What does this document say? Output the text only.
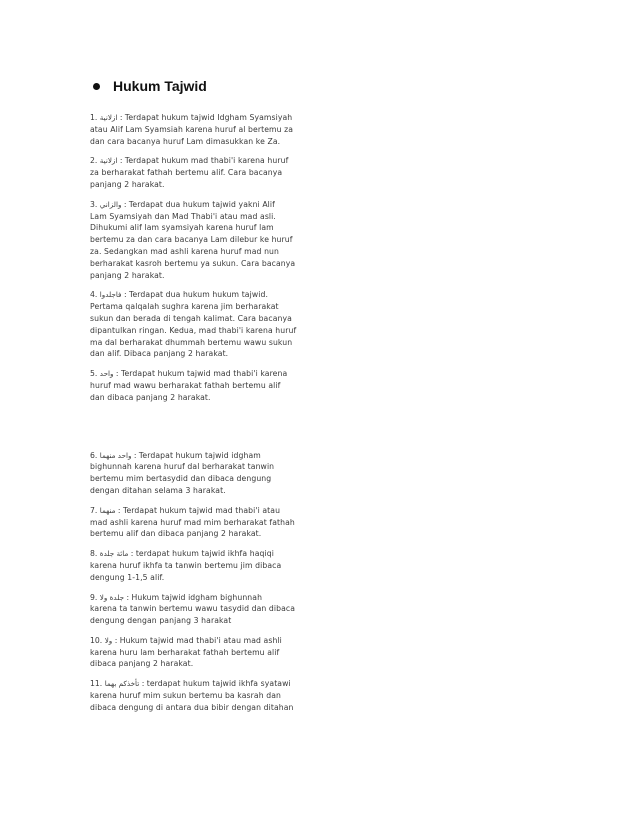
Hukum Tajwid

1. ازلانية : Terdapat hukum tajwid Idgham Syamsiyah
atau Alif Lam Syamsiah karena huruf al bertemu za
dan cara bacanya huruf Lam dimasukkan ke Za.

2. ازلانية : Terdapat hukum mad thabi'i karena huruf
za berharakat fathah bertemu alif. Cara bacanya
panjang 2 harakat.

3. والزاني : Terdapat dua hukum tajwid yakni Alif
Lam Syamsiyah dan Mad Thabi'i atau mad asli.
Dihukumi alif lam syamsiyah karena huruf lam
bertemu za dan cara bacanya Lam dilebur ke huruf
za. Sedangkan mad ashli karena huruf mad nun
berharakat kasroh bertemu ya sukun. Cara bacanya
panjang 2 harakat.

4. فاجلدوا : Terdapat dua hukum hukum tajwid.
Pertama qalqalah sughra karena jim berharakat
sukun dan berada di tengah kalimat. Cara bacanya
dipantulkan ringan. Kedua, mad thabi'i karena huruf
ma dal berharakat dhummah bertemu wawu sukun
dan alif. Dibaca panjang 2 harakat.

5. واحد : Terdapat hukum tajwid mad thabi'i karena
huruf mad wawu berharakat fathah bertemu alif
dan dibaca panjang 2 harakat.

6. واحد منهما : Terdapat hukum tajwid idgham
bighunnah karena huruf dal berharakat tanwin
bertemu mim bertasydid dan dibaca dengung
dengan ditahan selama 3 harakat.

7. منهما : Terdapat hukum tajwid mad thabi'i atau
mad ashli karena huruf mad mim berharakat fathah
bertemu alif dan dibaca panjang 2 harakat.

8. مائة جلدة : terdapat hukum tajwid ikhfa haqiqi
karena huruf ikhfa ta tanwin bertemu jim dibaca
dengung 1-1,5 alif.

9. جلدة ولا : Hukum tajwid idgham bighunnah
karena ta tanwin bertemu wawu tasydid dan dibaca
dengung dengan panjang 3 harakat

10. ولا : Hukum tajwid mad thabi'i atau mad ashli
karena huru lam berharakat fathah bertemu alif
dibaca panjang 2 harakat.

11. تأخذكم بهما : terdapat hukum tajwid ikhfa syatawi
karena huruf mim sukun bertemu ba kasrah dan
dibaca dengung di antara dua bibir dengan ditahan
